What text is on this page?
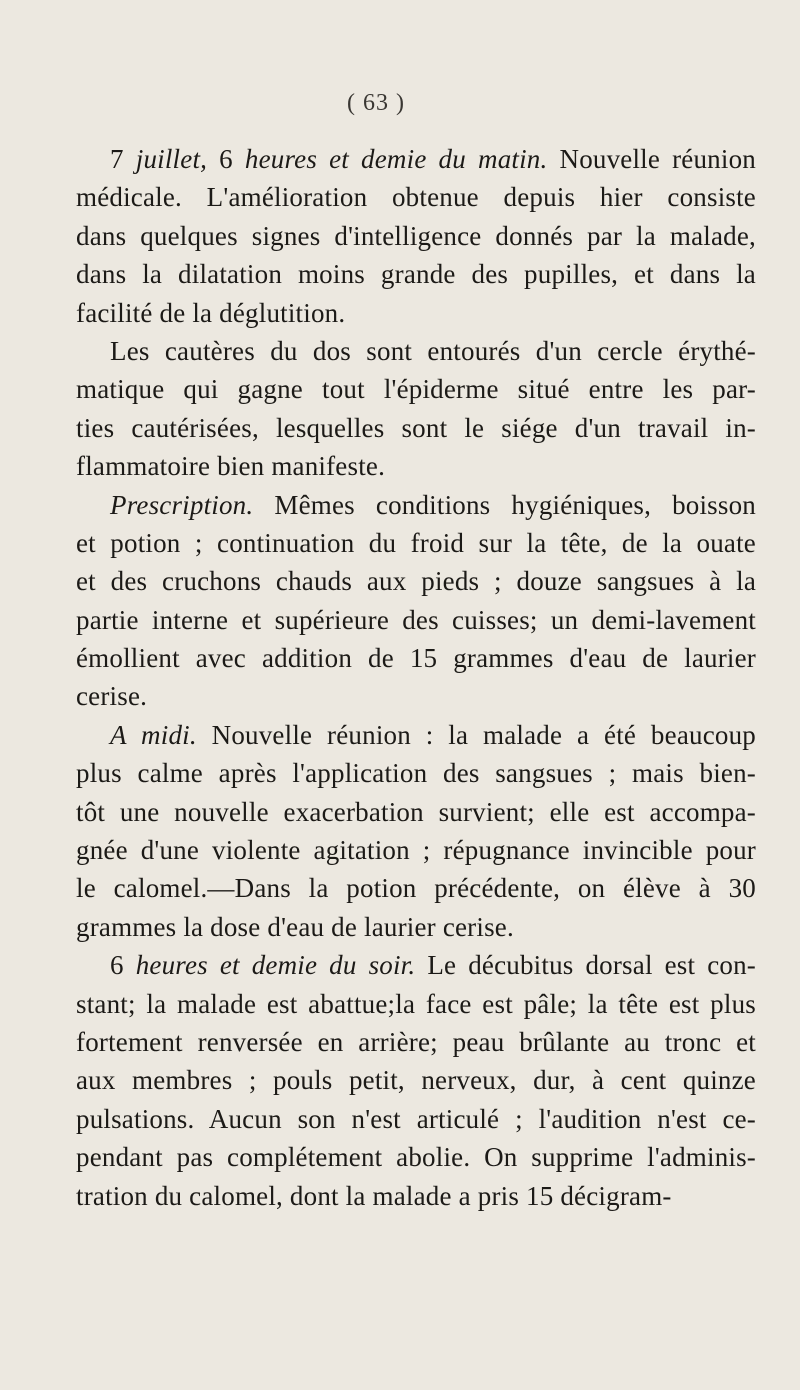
( 63 )
7 juillet, 6 heures et demie du matin. Nouvelle réunion
médicale. L'amélioration obtenue depuis hier consiste
dans quelques signes d'intelligence donnés par la malade,
dans la dilatation moins grande des pupilles, et dans la
facilité de la déglutition.
Les cautères du dos sont entourés d'un cercle érythé-
matique qui gagne tout l'épiderme situé entre les par-
ties cautérisées, lesquelles sont le siége d'un travail in-
flammatoire bien manifeste.
Prescription. Mêmes conditions hygiéniques, boisson
et potion ; continuation du froid sur la tête, de la ouate
et des cruchons chauds aux pieds ; douze sangsues à la
partie interne et supérieure des cuisses; un demi-lavement
émollient avec addition de 15 grammes d'eau de laurier
cerise.
A midi. Nouvelle réunion : la malade a été beaucoup
plus calme après l'application des sangsues ; mais bien-
tôt une nouvelle exacerbation survient; elle est accompa-
gnée d'une violente agitation ; répugnance invincible pour
le calomel.—Dans la potion précédente, on élève à 30
grammes la dose d'eau de laurier cerise.
6 heures et demie du soir. Le décubitus dorsal est con-
stant; la malade est abattue;la face est pâle; la tête est plus
fortement renversée en arrière; peau brûlante au tronc et
aux membres ; pouls petit, nerveux, dur, à cent quinze
pulsations. Aucun son n'est articulé ; l'audition n'est ce-
pendant pas complétement abolie. On supprime l'adminis-
tration du calomel, dont la malade a pris 15 décigram-
